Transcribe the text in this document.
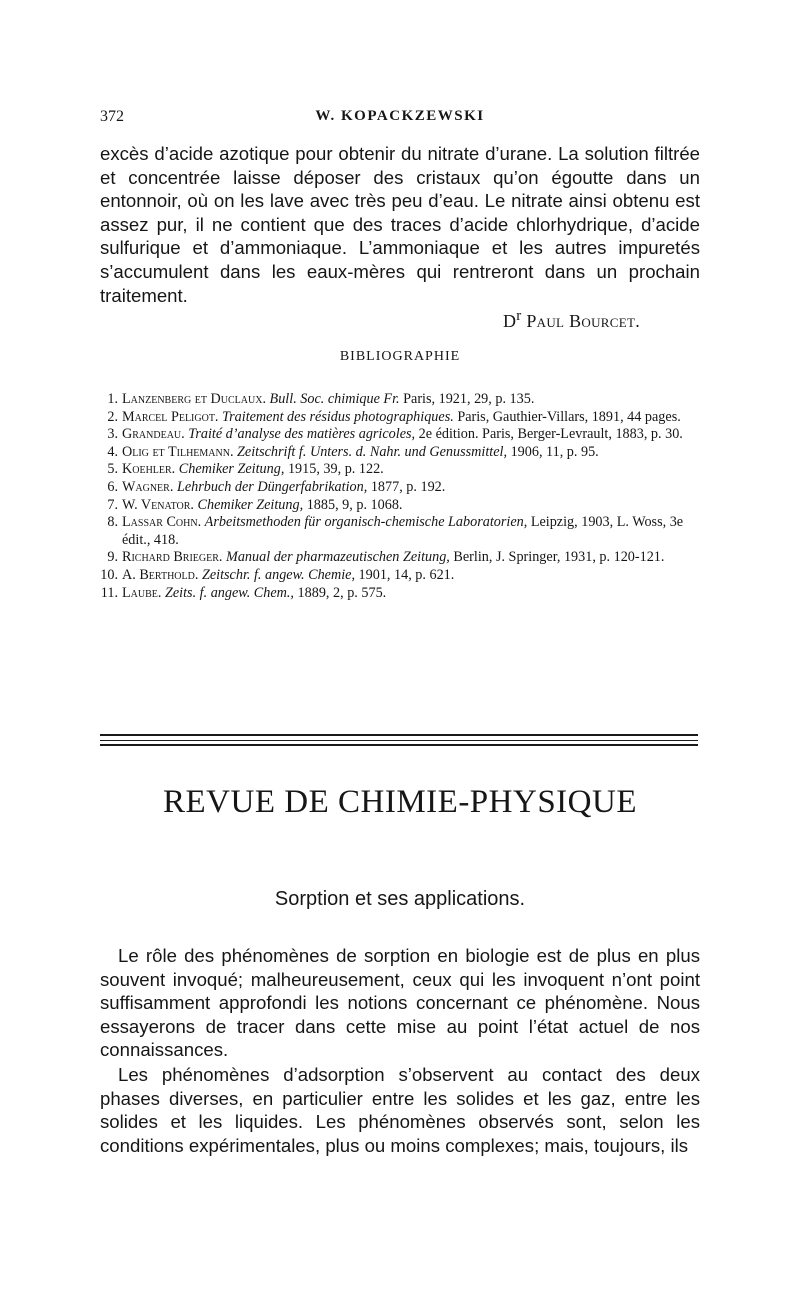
372	W. KOPACKZEWSKI

excès d’acide azotique pour obtenir du nitrate d’urane. La solution filtrée et concentrée laisse déposer des cristaux qu’on égoutte dans un entonnoir, où on les lave avec très peu d’eau. Le nitrate ainsi obtenu est assez pur, il ne contient que des traces d’acide chlorhydrique, d’acide sulfurique et d’ammoniaque. L’ammoniaque et les autres impuretés s’accumulent dans les eaux-mères qui rentreront dans un prochain traitement.

$D^r$ Paul Bourcet.
BIBLIOGRAPHIE
1. Lanzenberg et Duclaux. Bull. Soc. chimique Fr. Paris, 1921, 29, p. 135.
2. Marcel Peligot. Traitement des résidus photographiques. Paris, Gauthier-Villars, 1891, 44 pages.
3. Grandeau. Traité d’analyse des matières agricoles, 2e édition. Paris, Berger-Levrault, 1883, p. 30.
4. Olig et Tilhemann. Zeitschrift f. Unters. d. Nahr. und Genussmittel, 1906, 11, p. 95.
5. Koehler. Chemiker Zeitung, 1915, 39, p. 122.
6. Wagner. Lehrbuch der Düngerfabrikation, 1877, p. 192.
7. W. Venator. Chemiker Zeitung, 1885, 9, p. 1068.
8. Lassar Cohn. Arbeitsmethoden für organisch-chemische Laboratorien, Leipzig, 1903, L. Woss, 3e édit., 418.
9. Richard Brieger. Manual der pharmazeutischen Zeitung, Berlin, J. Springer, 1931, p. 120-121.
10. A. Berthold. Zeitschr. f. angew. Chemie, 1901, 14, p. 621.
11. Laube. Zeits. f. angew. Chem., 1889, 2, p. 575.
REVUE DE CHIMIE-PHYSIQUE
Sorption et ses applications.

Le rôle des phénomènes de sorption en biologie est de plus en plus souvent invoqué; malheureusement, ceux qui les invoquent n’ont point suffisamment approfondi les notions concernant ce phénomène. Nous essayerons de tracer dans cette mise au point l’état actuel de nos connaissances.

Les phénomènes d’adsorption s’observent au contact des deux phases diverses, en particulier entre les solides et les gaz, entre les solides et les liquides. Les phénomènes observés sont, selon les conditions expérimentales, plus ou moins complexes; mais, toujours, ils
